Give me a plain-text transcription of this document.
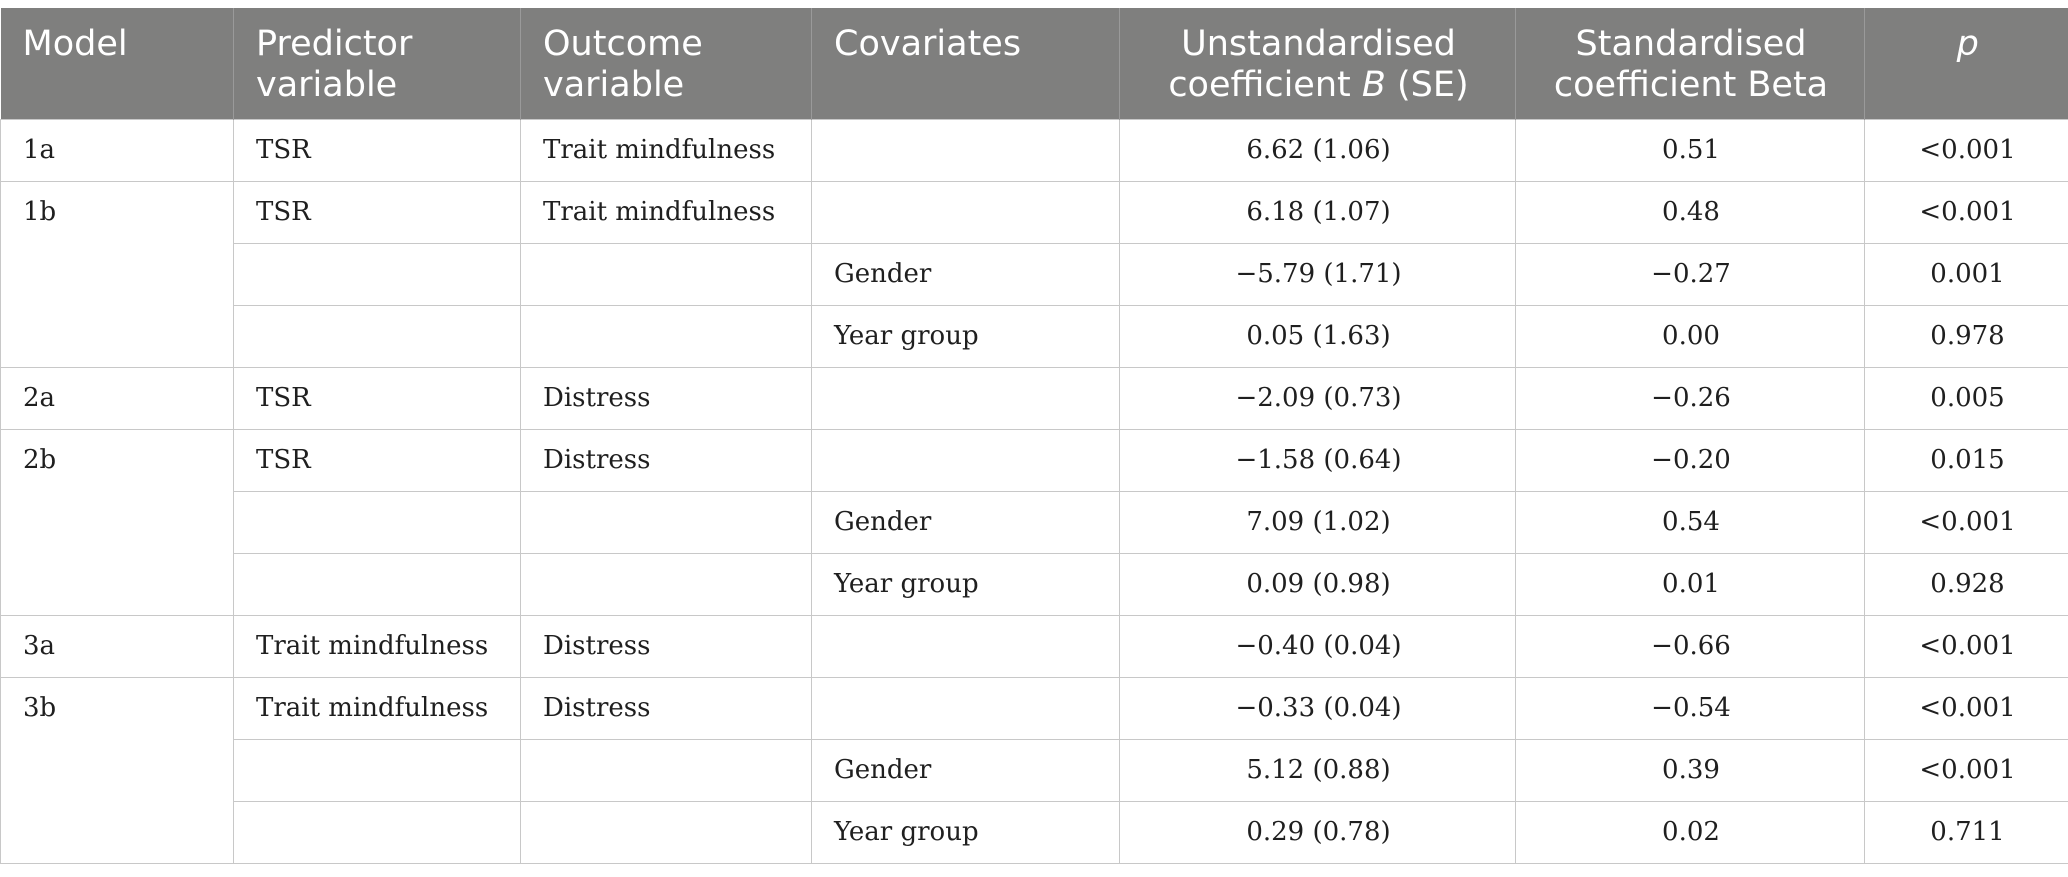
Model	Predictor variable	Outcome variable	Covariates	Unstandardised coefficient B (SE)	Standardised coefficient Beta	p
1a	TSR	Trait mindfulness		6.62 (1.06)	0.51	<0.001
1b	TSR	Trait mindfulness		6.18 (1.07)	0.48	<0.001
			Gender	−5.79 (1.71)	−0.27	0.001
			Year group	0.05 (1.63)	0.00	0.978
2a	TSR	Distress		−2.09 (0.73)	−0.26	0.005
2b	TSR	Distress		−1.58 (0.64)	−0.20	0.015
			Gender	7.09 (1.02)	0.54	<0.001
			Year group	0.09 (0.98)	0.01	0.928
3a	Trait mindfulness	Distress		−0.40 (0.04)	−0.66	<0.001
3b	Trait mindfulness	Distress		−0.33 (0.04)	−0.54	<0.001
			Gender	5.12 (0.88)	0.39	<0.001
			Year group	0.29 (0.78)	0.02	0.711
